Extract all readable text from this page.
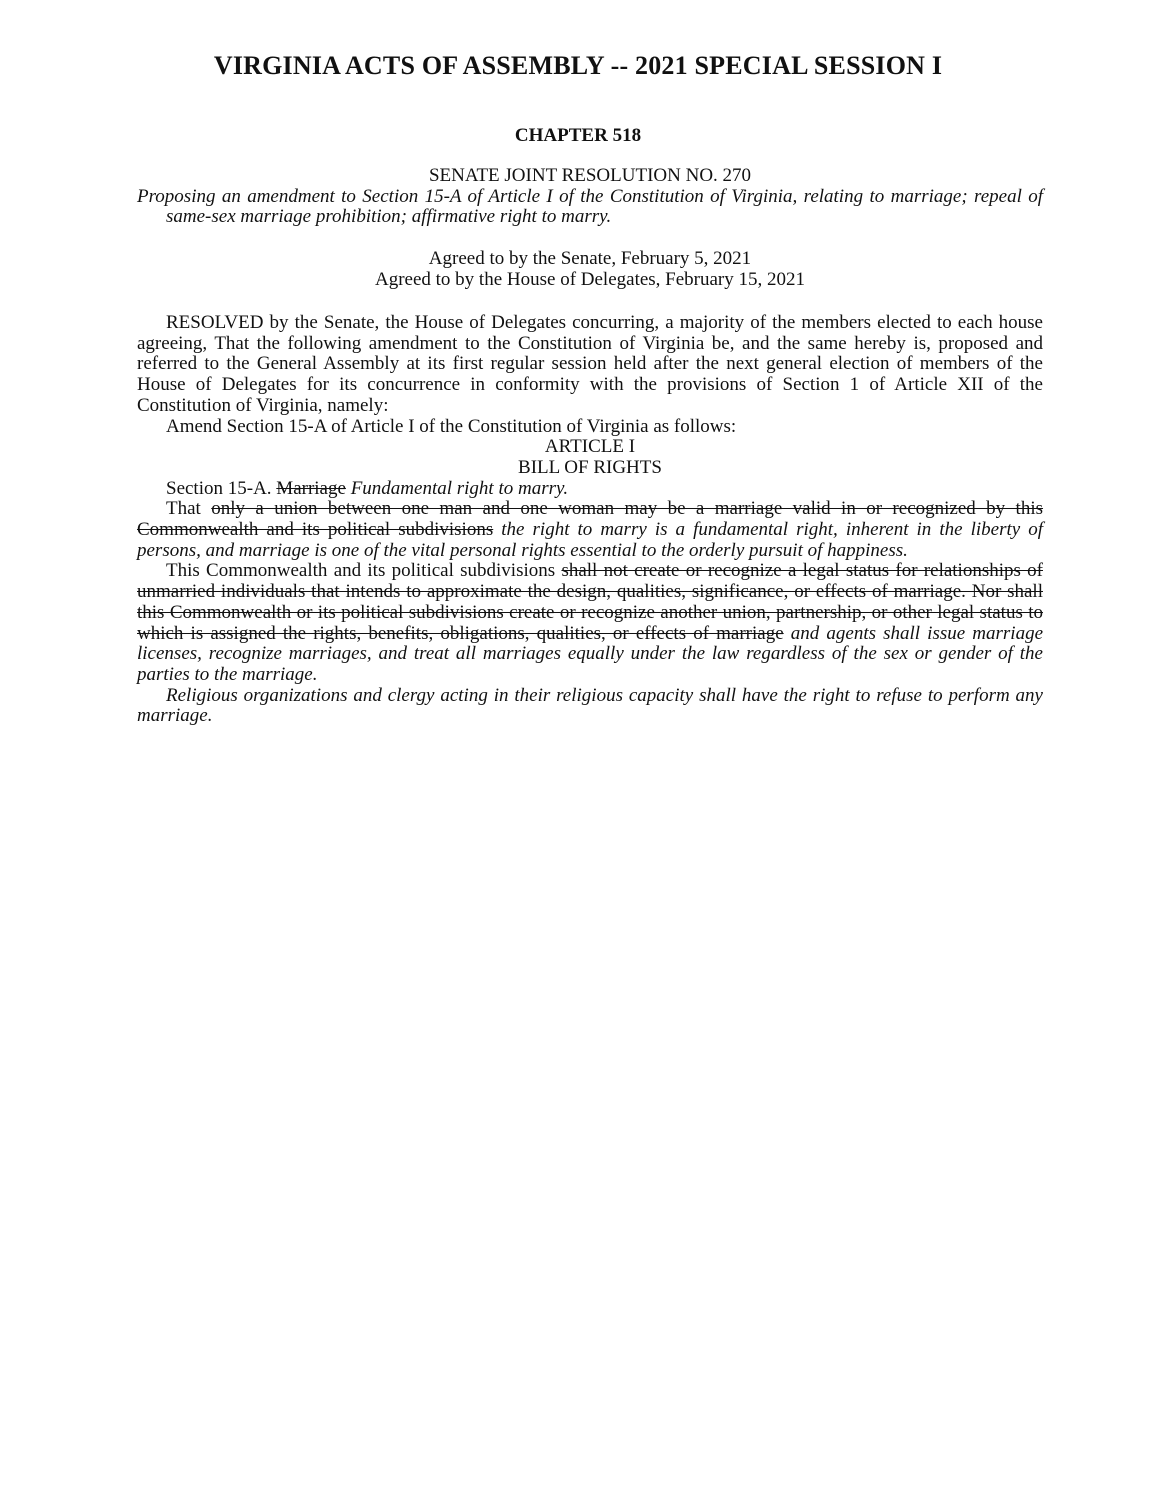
VIRGINIA ACTS OF ASSEMBLY -- 2021 SPECIAL SESSION I
CHAPTER 518

SENATE JOINT RESOLUTION NO. 270

Proposing an amendment to Section 15-A of Article I of the Constitution of Virginia, relating to marriage; repeal of same-sex marriage prohibition; affirmative right to marry.

Agreed to by the Senate, February 5, 2021

Agreed to by the House of Delegates, February 15, 2021

RESOLVED by the Senate, the House of Delegates concurring, a majority of the members elected to each house agreeing, That the following amendment to the Constitution of Virginia be, and the same hereby is, proposed and referred to the General Assembly at its first regular session held after the next general election of members of the House of Delegates for its concurrence in conformity with the provisions of Section 1 of Article XII of the Constitution of Virginia, namely:

Amend Section 15-A of Article I of the Constitution of Virginia as follows:

ARTICLE I

BILL OF RIGHTS

Section 15-A. Marriage Fundamental right to marry.

That only a union between one man and one woman may be a marriage valid in or recognized by this Commonwealth and its political subdivisions the right to marry is a fundamental right, inherent in the liberty of persons, and marriage is one of the vital personal rights essential to the orderly pursuit of happiness.

This Commonwealth and its political subdivisions shall not create or recognize a legal status for relationships of unmarried individuals that intends to approximate the design, qualities, significance, or effects of marriage. Nor shall this Commonwealth or its political subdivisions create or recognize another union, partnership, or other legal status to which is assigned the rights, benefits, obligations, qualities, or effects of marriage and agents shall issue marriage licenses, recognize marriages, and treat all marriages equally under the law regardless of the sex or gender of the parties to the marriage.

Religious organizations and clergy acting in their religious capacity shall have the right to refuse to perform any marriage.
